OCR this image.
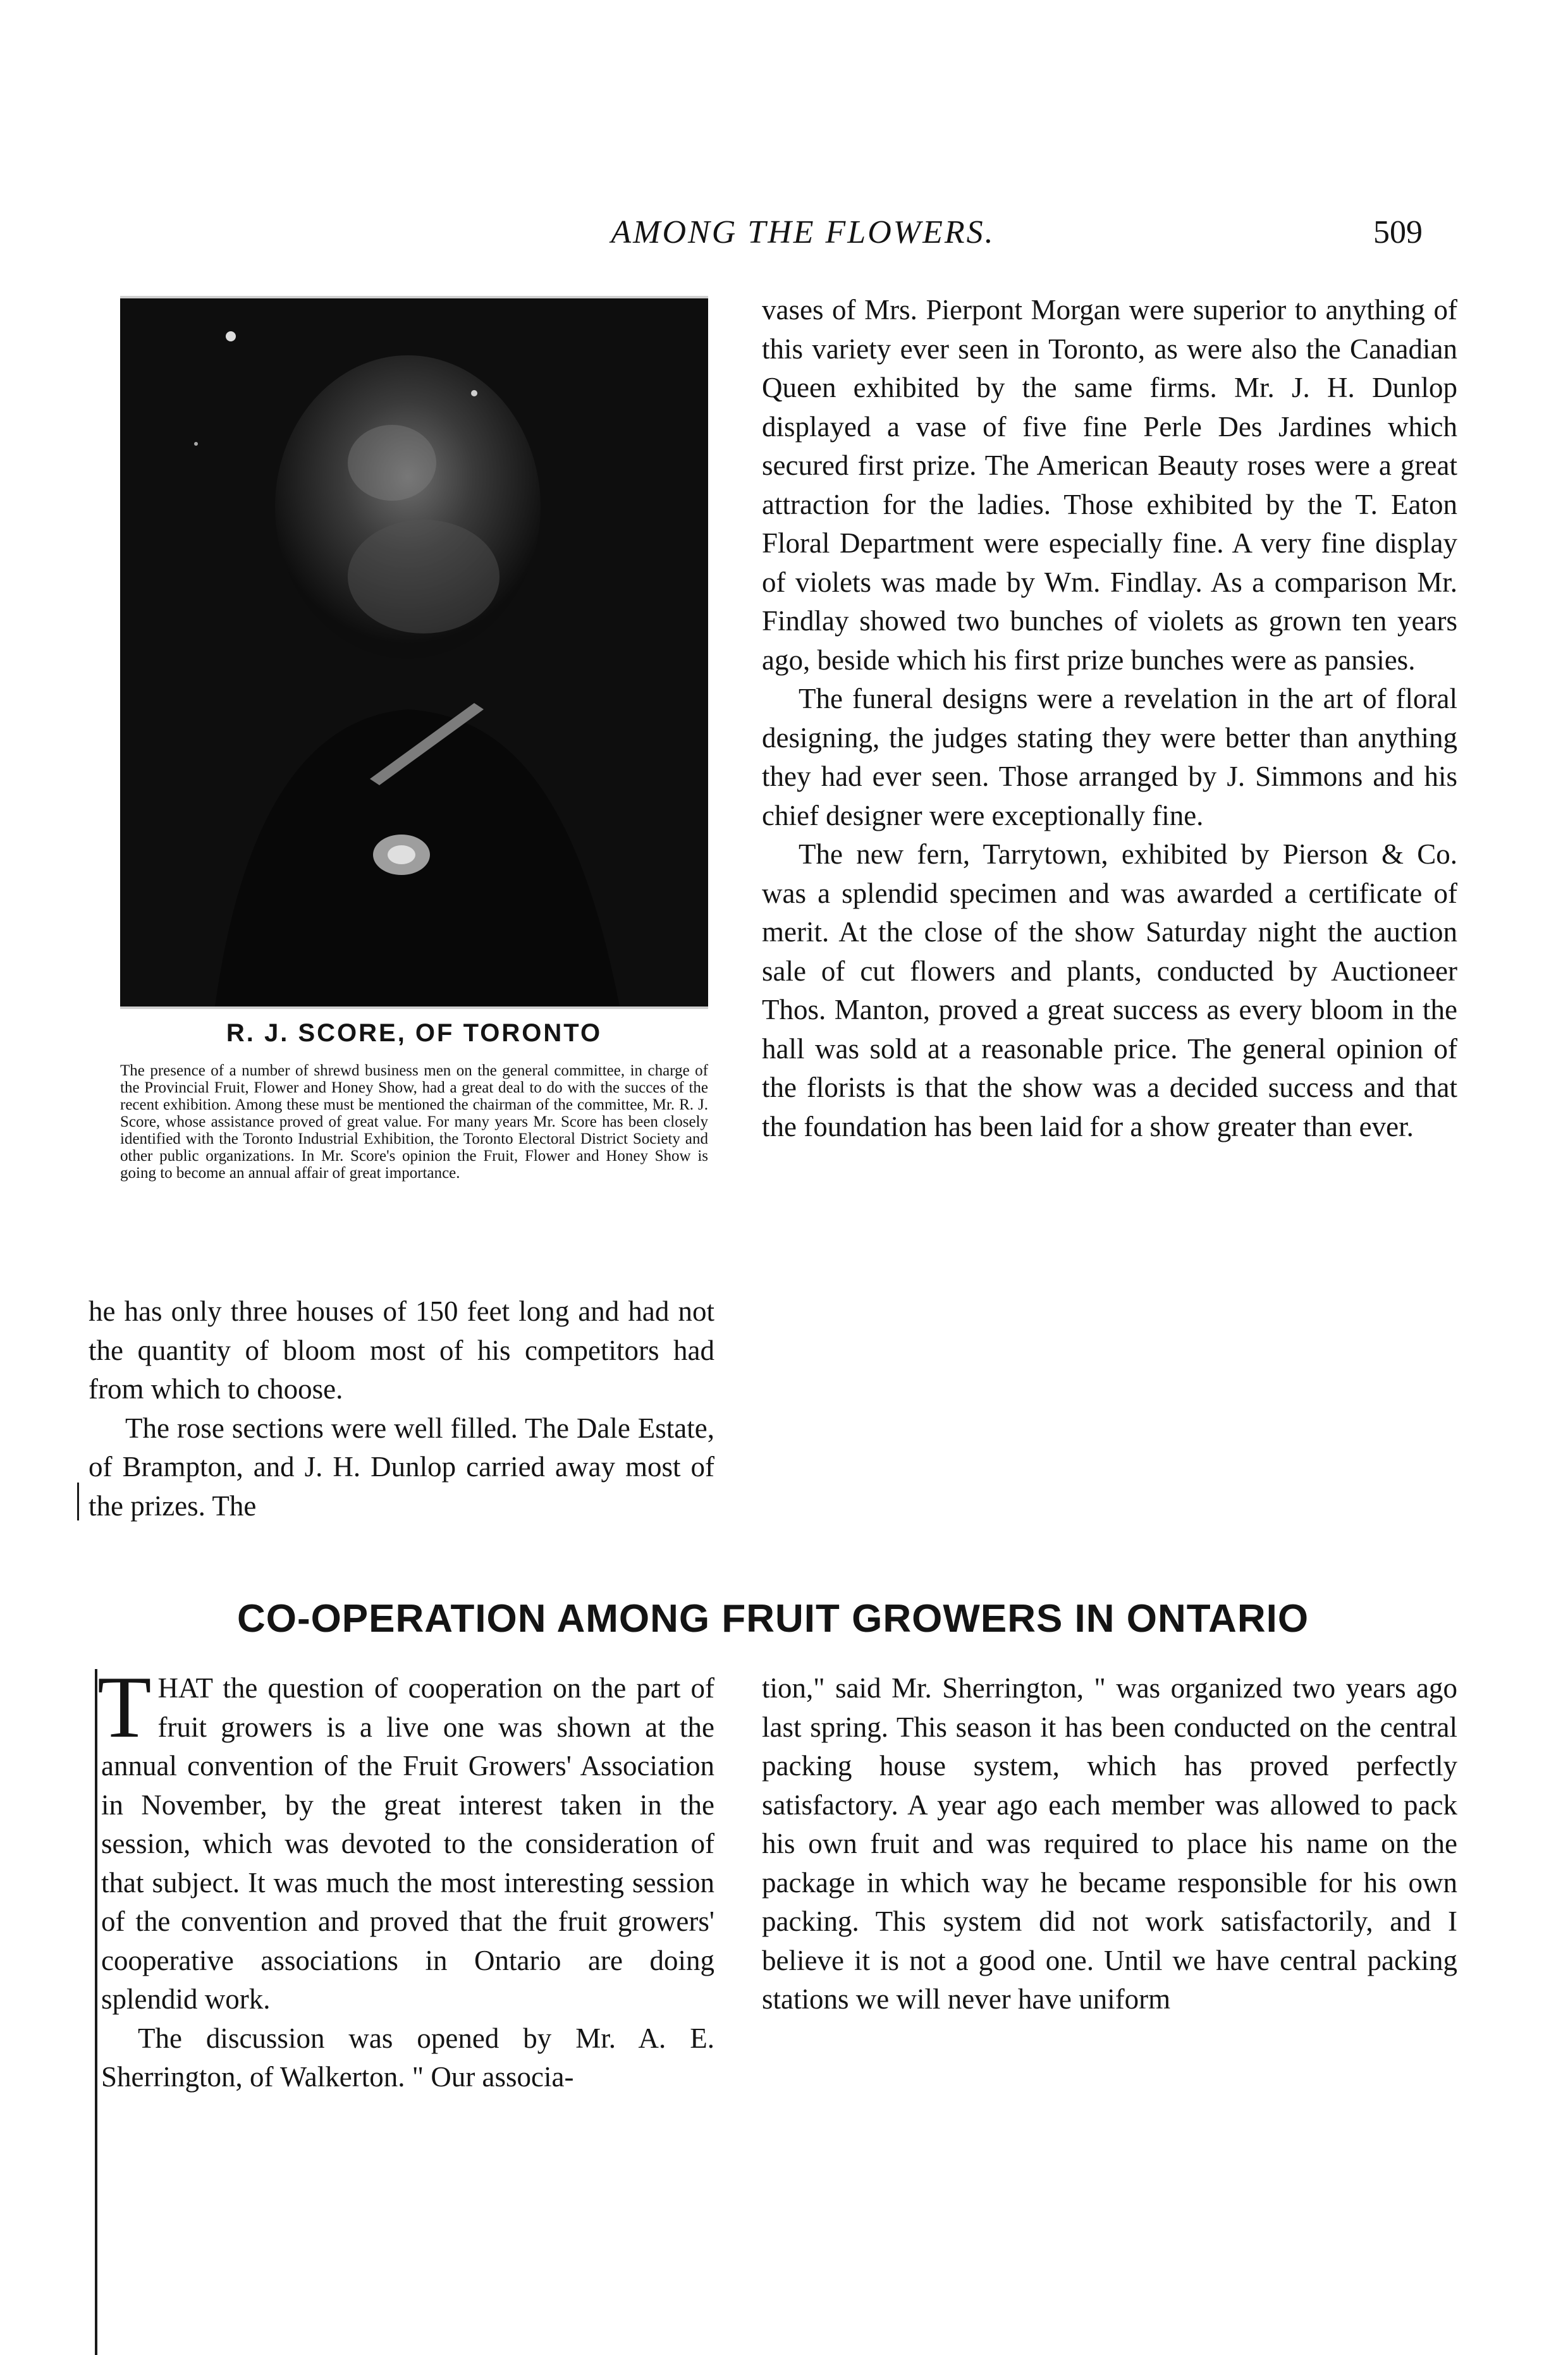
AMONG THE FLOWERS.	509
R. J. SCORE, OF TORONTO
The presence of a number of shrewd business men on the general committee, in charge of the Provincial Fruit, Flower and Honey Show, had a great deal to do with the succes of the recent exhibition. Among these must be mentioned the chairman of the committee, Mr. R. J. Score, whose assistance proved of great value. For many years Mr. Score has been closely identified with the Toronto Industrial Exhibition, the Toronto Electoral District Society and other public organizations. In Mr. Score's opinion the Fruit, Flower and Honey Show is going to become an annual affair of great importance.

he has only three houses of 150 feet long and had not the quantity of bloom most of his competitors had from which to choose.

The rose sections were well filled. The Dale Estate, of Brampton, and J. H. Dunlop carried away most of the prizes. The

vases of Mrs. Pierpont Morgan were superior to anything of this variety ever seen in Toronto, as were also the Canadian Queen exhibited by the same firms. Mr. J. H. Dunlop displayed a vase of five fine Perle Des Jardines which secured first prize. The American Beauty roses were a great attraction for the ladies. Those exhibited by the T. Eaton Floral Department were especially fine. A very fine display of violets was made by Wm. Findlay. As a comparison Mr. Findlay showed two bunches of violets as grown ten years ago, beside which his first prize bunches were as pansies.

The funeral designs were a revelation in the art of floral designing, the judges stating they were better than anything they had ever seen. Those arranged by J. Simmons and his chief designer were exceptionally fine.

The new fern, Tarrytown, exhibited by Pierson & Co. was a splendid specimen and was awarded a certificate of merit. At the close of the show Saturday night the auction sale of cut flowers and plants, conducted by Auctioneer Thos. Manton, proved a great success as every bloom in the hall was sold at a reasonable price. The general opinion of the florists is that the show was a decided success and that the foundation has been laid for a show greater than ever.

CO-OPERATION AMONG FRUIT GROWERS IN ONTARIO

THAT the question of cooperation on the part of fruit growers is a live one was shown at the annual convention of the Fruit Growers' Association in November, by the great interest taken in the session, which was devoted to the consideration of that subject. It was much the most interesting session of the convention and proved that the fruit growers' cooperative associations in Ontario are doing splendid work.

The discussion was opened by Mr. A. E. Sherrington, of Walkerton. " Our associa-

tion," said Mr. Sherrington, " was organized two years ago last spring. This season it has been conducted on the central packing house system, which has proved perfectly satisfactory. A year ago each member was allowed to pack his own fruit and was required to place his name on the package in which way he became responsible for his own packing. This system did not work satisfactorily, and I believe it is not a good one. Until we have central packing stations we will never have uniform
